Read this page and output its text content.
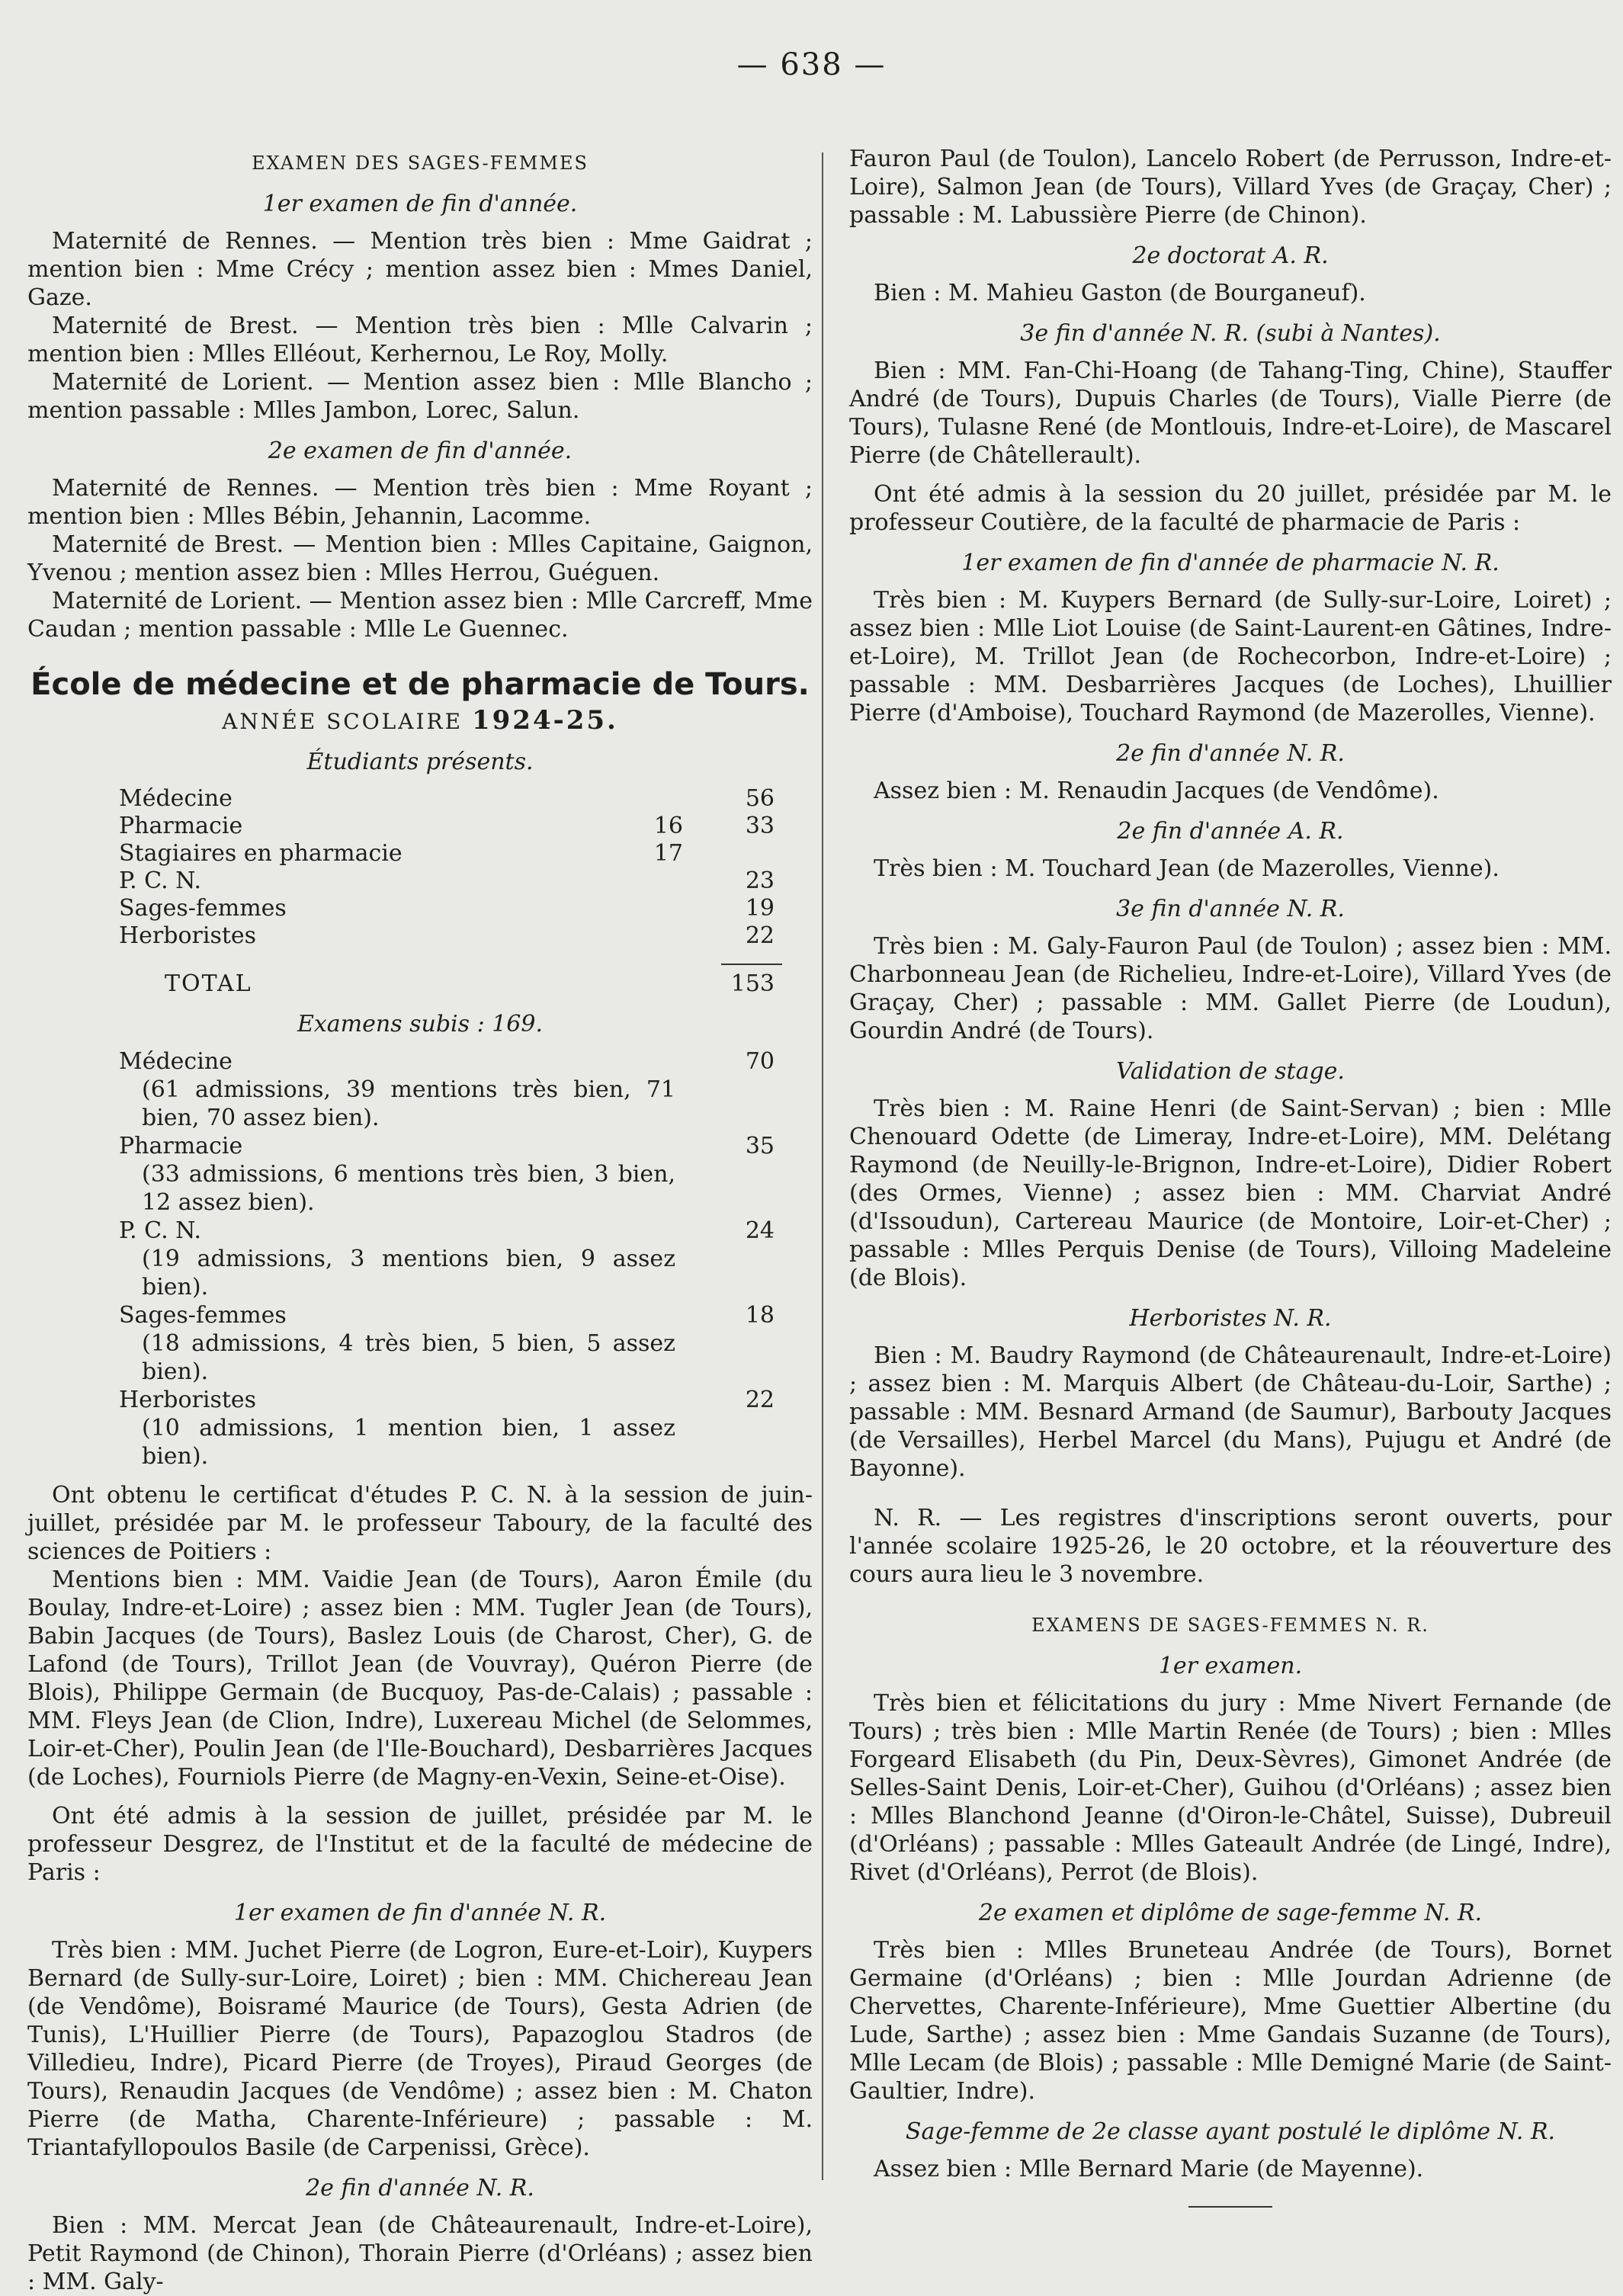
— 638 —
EXAMEN DES SAGES-FEMMES
1er examen de fin d'année.

Maternité de Rennes. — Mention très bien : Mme Gaidrat ; mention bien : Mme Crécy ; mention assez bien : Mmes Daniel, Gaze.

Maternité de Brest. — Mention très bien : Mlle Calvarin ; mention bien : Mlles Elléout, Kerhernou, Le Roy, Molly.

Maternité de Lorient. — Mention assez bien : Mlle Blancho ; mention passable : Mlles Jambon, Lorec, Salun.

2e examen de fin d'année.

Maternité de Rennes. — Mention très bien : Mme Royant ; mention bien : Mlles Bébin, Jehannin, Lacomme.

Maternité de Brest. — Mention bien : Mlles Capitaine, Gaignon, Yvenou ; mention assez bien : Mlles Herrou, Guéguen.

Maternité de Lorient. — Mention assez bien : Mlle Carcreff, Mme Caudan ; mention passable : Mlle Le Guennec.

École de médecine et de pharmacie de Tours.
ANNÉE SCOLAIRE 1924-25.
Étudiants présents.
Médecine		56
Pharmacie	16	33
Stagiaires en pharmacie	17	
P. C. N.		23
Sages-femmes		19
Herboristes		22
TOTAL	153
Examens subis : 169.
Médecine	70
(61 admissions, 39 mentions très bien, 71 bien, 70 assez bien).
Pharmacie	35
(33 admissions, 6 mentions très bien, 3 bien, 12 assez bien).
P. C. N.	24
(19 admissions, 3 mentions bien, 9 assez bien).
Sages-femmes	18
(18 admissions, 4 très bien, 5 bien, 5 assez bien).
Herboristes	22
(10 admissions, 1 mention bien, 1 assez bien).

Ont obtenu le certificat d'études P. C. N. à la session de juin-juillet, présidée par M. le professeur Taboury, de la faculté des sciences de Poitiers :

Mentions bien : MM. Vaidie Jean (de Tours), Aaron Émile (du Boulay, Indre-et-Loire) ; assez bien : MM. Tugler Jean (de Tours), Babin Jacques (de Tours), Baslez Louis (de Charost, Cher), G. de Lafond (de Tours), Trillot Jean (de Vouvray), Quéron Pierre (de Blois), Philippe Germain (de Bucquoy, Pas-de-Calais) ; passable : MM. Fleys Jean (de Clion, Indre), Luxereau Michel (de Selommes, Loir-et-Cher), Poulin Jean (de l'Ile-Bouchard), Desbarrières Jacques (de Loches), Fourniols Pierre (de Magny-en-Vexin, Seine-et-Oise).

Ont été admis à la session de juillet, présidée par M. le professeur Desgrez, de l'Institut et de la faculté de médecine de Paris :

1er examen de fin d'année N. R.

Très bien : MM. Juchet Pierre (de Logron, Eure-et-Loir), Kuypers Bernard (de Sully-sur-Loire, Loiret) ; bien : MM. Chichereau Jean (de Vendôme), Boisramé Maurice (de Tours), Gesta Adrien (de Tunis), L'Huillier Pierre (de Tours), Papazoglou Stadros (de Villedieu, Indre), Picard Pierre (de Troyes), Piraud Georges (de Tours), Renaudin Jacques (de Vendôme) ; assez bien : M. Chaton Pierre (de Matha, Charente-Inférieure) ; passable : M. Triantafyllopoulos Basile (de Carpenissi, Grèce).

2e fin d'année N. R.

Bien : MM. Mercat Jean (de Châteaurenault, Indre-et-Loire), Petit Raymond (de Chinon), Thorain Pierre (d'Orléans) ; assez bien : MM. Galy-

Fauron Paul (de Toulon), Lancelo Robert (de Perrusson, Indre-et-Loire), Salmon Jean (de Tours), Villard Yves (de Graçay, Cher) ; passable : M. Labussière Pierre (de Chinon).

2e doctorat A. R.

Bien : M. Mahieu Gaston (de Bourganeuf).

3e fin d'année N. R. (subi à Nantes).

Bien : MM. Fan-Chi-Hoang (de Tahang-Ting, Chine), Stauffer André (de Tours), Dupuis Charles (de Tours), Vialle Pierre (de Tours), Tulasne René (de Montlouis, Indre-et-Loire), de Mascarel Pierre (de Châtellerault).

Ont été admis à la session du 20 juillet, présidée par M. le professeur Coutière, de la faculté de pharmacie de Paris :

1er examen de fin d'année de pharmacie N. R.

Très bien : M. Kuypers Bernard (de Sully-sur-Loire, Loiret) ; assez bien : Mlle Liot Louise (de Saint-Laurent-en Gâtines, Indre-et-Loire), M. Trillot Jean (de Rochecorbon, Indre-et-Loire) ; passable : MM. Desbarrières Jacques (de Loches), Lhuillier Pierre (d'Amboise), Touchard Raymond (de Mazerolles, Vienne).

2e fin d'année N. R.

Assez bien : M. Renaudin Jacques (de Vendôme).

2e fin d'année A. R.

Très bien : M. Touchard Jean (de Mazerolles, Vienne).

3e fin d'année N. R.

Très bien : M. Galy-Fauron Paul (de Toulon) ; assez bien : MM. Charbonneau Jean (de Richelieu, Indre-et-Loire), Villard Yves (de Graçay, Cher) ; passable : MM. Gallet Pierre (de Loudun), Gourdin André (de Tours).

Validation de stage.

Très bien : M. Raine Henri (de Saint-Servan) ; bien : Mlle Chenouard Odette (de Limeray, Indre-et-Loire), MM. Delétang Raymond (de Neuilly-le-Brignon, Indre-et-Loire), Didier Robert (des Ormes, Vienne) ; assez bien : MM. Charviat André (d'Issoudun), Cartereau Maurice (de Montoire, Loir-et-Cher) ; passable : Mlles Perquis Denise (de Tours), Villoing Madeleine (de Blois).

Herboristes N. R.

Bien : M. Baudry Raymond (de Châteaurenault, Indre-et-Loire) ; assez bien : M. Marquis Albert (de Château-du-Loir, Sarthe) ; passable : MM. Besnard Armand (de Saumur), Barbouty Jacques (de Versailles), Herbel Marcel (du Mans), Pujugu et André (de Bayonne).

N. R. — Les registres d'inscriptions seront ouverts, pour l'année scolaire 1925-26, le 20 octobre, et la réouverture des cours aura lieu le 3 novembre.

EXAMENS DE SAGES-FEMMES N. R.
1er examen.

Très bien et félicitations du jury : Mme Nivert Fernande (de Tours) ; très bien : Mlle Martin Renée (de Tours) ; bien : Mlles Forgeard Elisabeth (du Pin, Deux-Sèvres), Gimonet Andrée (de Selles-Saint Denis, Loir-et-Cher), Guihou (d'Orléans) ; assez bien : Mlles Blanchond Jeanne (d'Oiron-le-Châtel, Suisse), Dubreuil (d'Orléans) ; passable : Mlles Gateault Andrée (de Lingé, Indre), Rivet (d'Orléans), Perrot (de Blois).

2e examen et diplôme de sage-femme N. R.

Très bien : Mlles Bruneteau Andrée (de Tours), Bornet Germaine (d'Orléans) ; bien : Mlle Jourdan Adrienne (de Chervettes, Charente-Inférieure), Mme Guettier Albertine (du Lude, Sarthe) ; assez bien : Mme Gandais Suzanne (de Tours), Mlle Lecam (de Blois) ; passable : Mlle Demigné Marie (de Saint-Gaultier, Indre).

Sage-femme de 2e classe ayant postulé le diplôme N. R.

Assez bien : Mlle Bernard Marie (de Mayenne).
